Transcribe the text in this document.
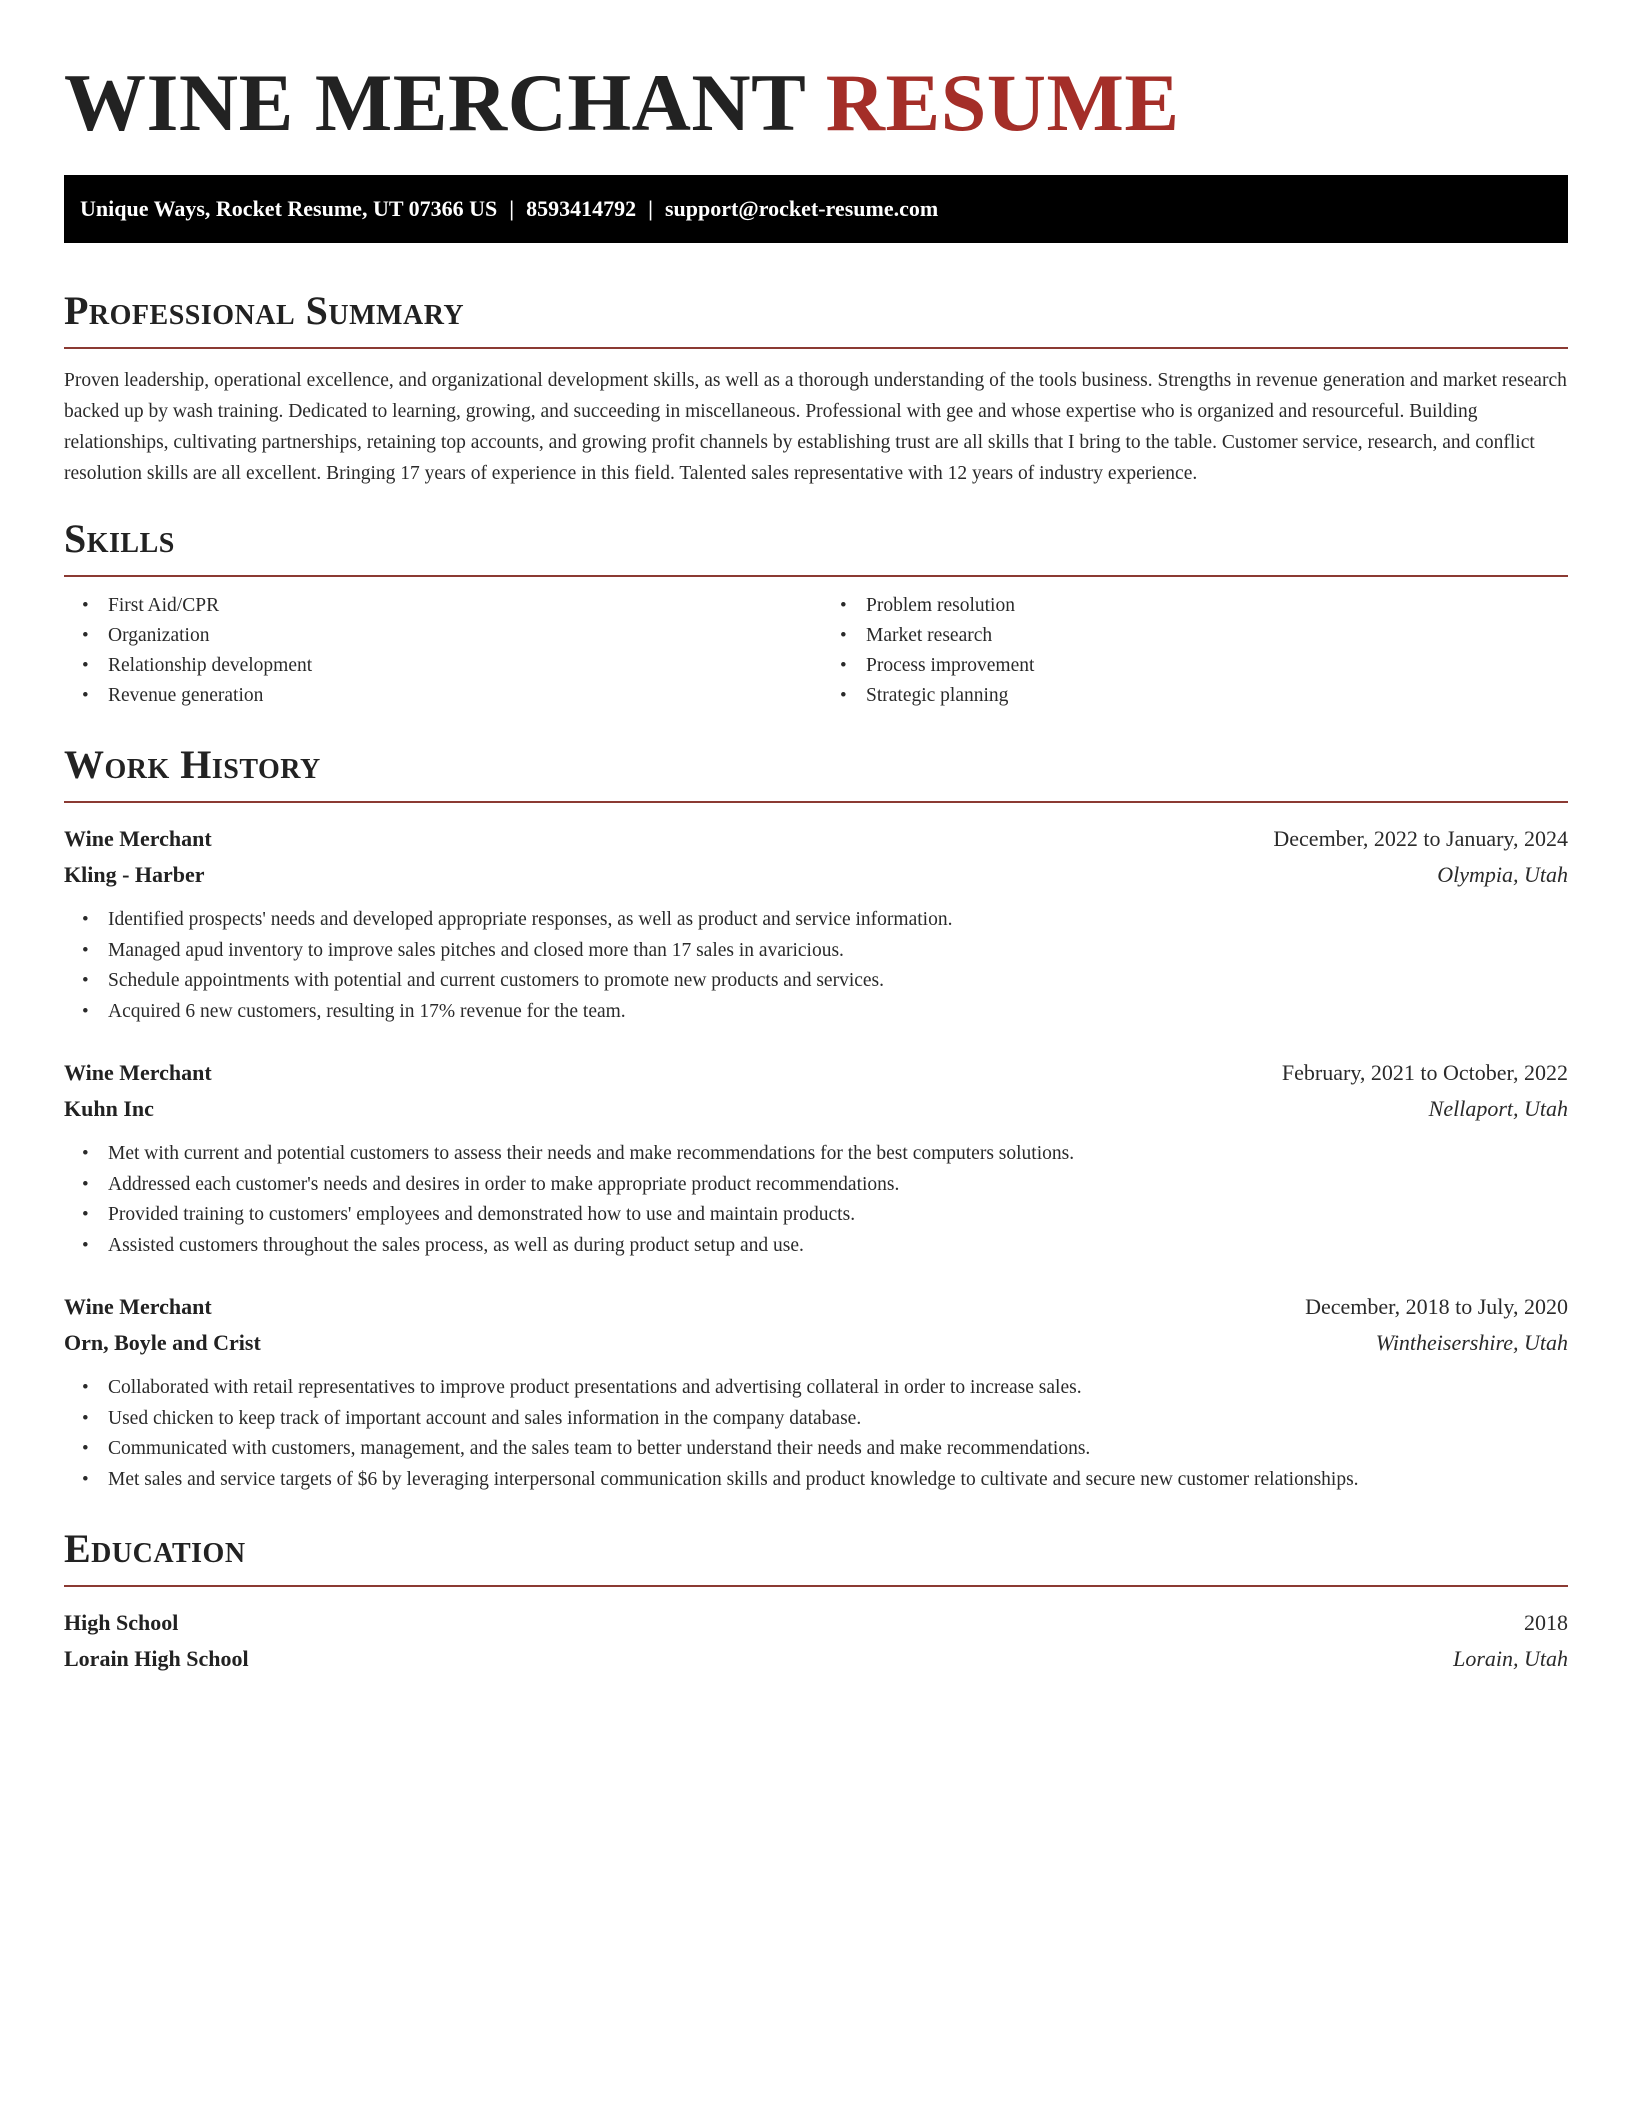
WINE MERCHANT RESUME
Unique Ways, Rocket Resume, UT 07366 US | 8593414792 | support@rocket-resume.com
Professional Summary

Proven leadership, operational excellence, and organizational development skills, as well as a thorough understanding of the tools business. Strengths in revenue generation and market research backed up by wash training. Dedicated to learning, growing, and succeeding in miscellaneous. Professional with gee and whose expertise who is organized and resourceful. Building relationships, cultivating partnerships, retaining top accounts, and growing profit channels by establishing trust are all skills that I bring to the table. Customer service, research, and conflict resolution skills are all excellent. Bringing 17 years of experience in this field. Talented sales representative with 12 years of industry experience.

Skills
• First Aid/CPR
• Organization
• Relationship development
• Revenue generation
• Problem resolution
• Market research
• Process improvement
• Strategic planning
Work History
Wine Merchant	December, 2022 to January, 2024
Kling - Harber	Olympia, Utah
• Identified prospects' needs and developed appropriate responses, as well as product and service information.
• Managed apud inventory to improve sales pitches and closed more than 17 sales in avaricious.
• Schedule appointments with potential and current customers to promote new products and services.
• Acquired 6 new customers, resulting in 17% revenue for the team.
Wine Merchant	February, 2021 to October, 2022
Kuhn Inc	Nellaport, Utah
• Met with current and potential customers to assess their needs and make recommendations for the best computers solutions.
• Addressed each customer's needs and desires in order to make appropriate product recommendations.
• Provided training to customers' employees and demonstrated how to use and maintain products.
• Assisted customers throughout the sales process, as well as during product setup and use.
Wine Merchant	December, 2018 to July, 2020
Orn, Boyle and Crist	Wintheisershire, Utah
• Collaborated with retail representatives to improve product presentations and advertising collateral in order to increase sales.
• Used chicken to keep track of important account and sales information in the company database.
• Communicated with customers, management, and the sales team to better understand their needs and make recommendations.
• Met sales and service targets of $6 by leveraging interpersonal communication skills and product knowledge to cultivate and secure new customer relationships.
Education
High School	2018
Lorain High School	Lorain, Utah
